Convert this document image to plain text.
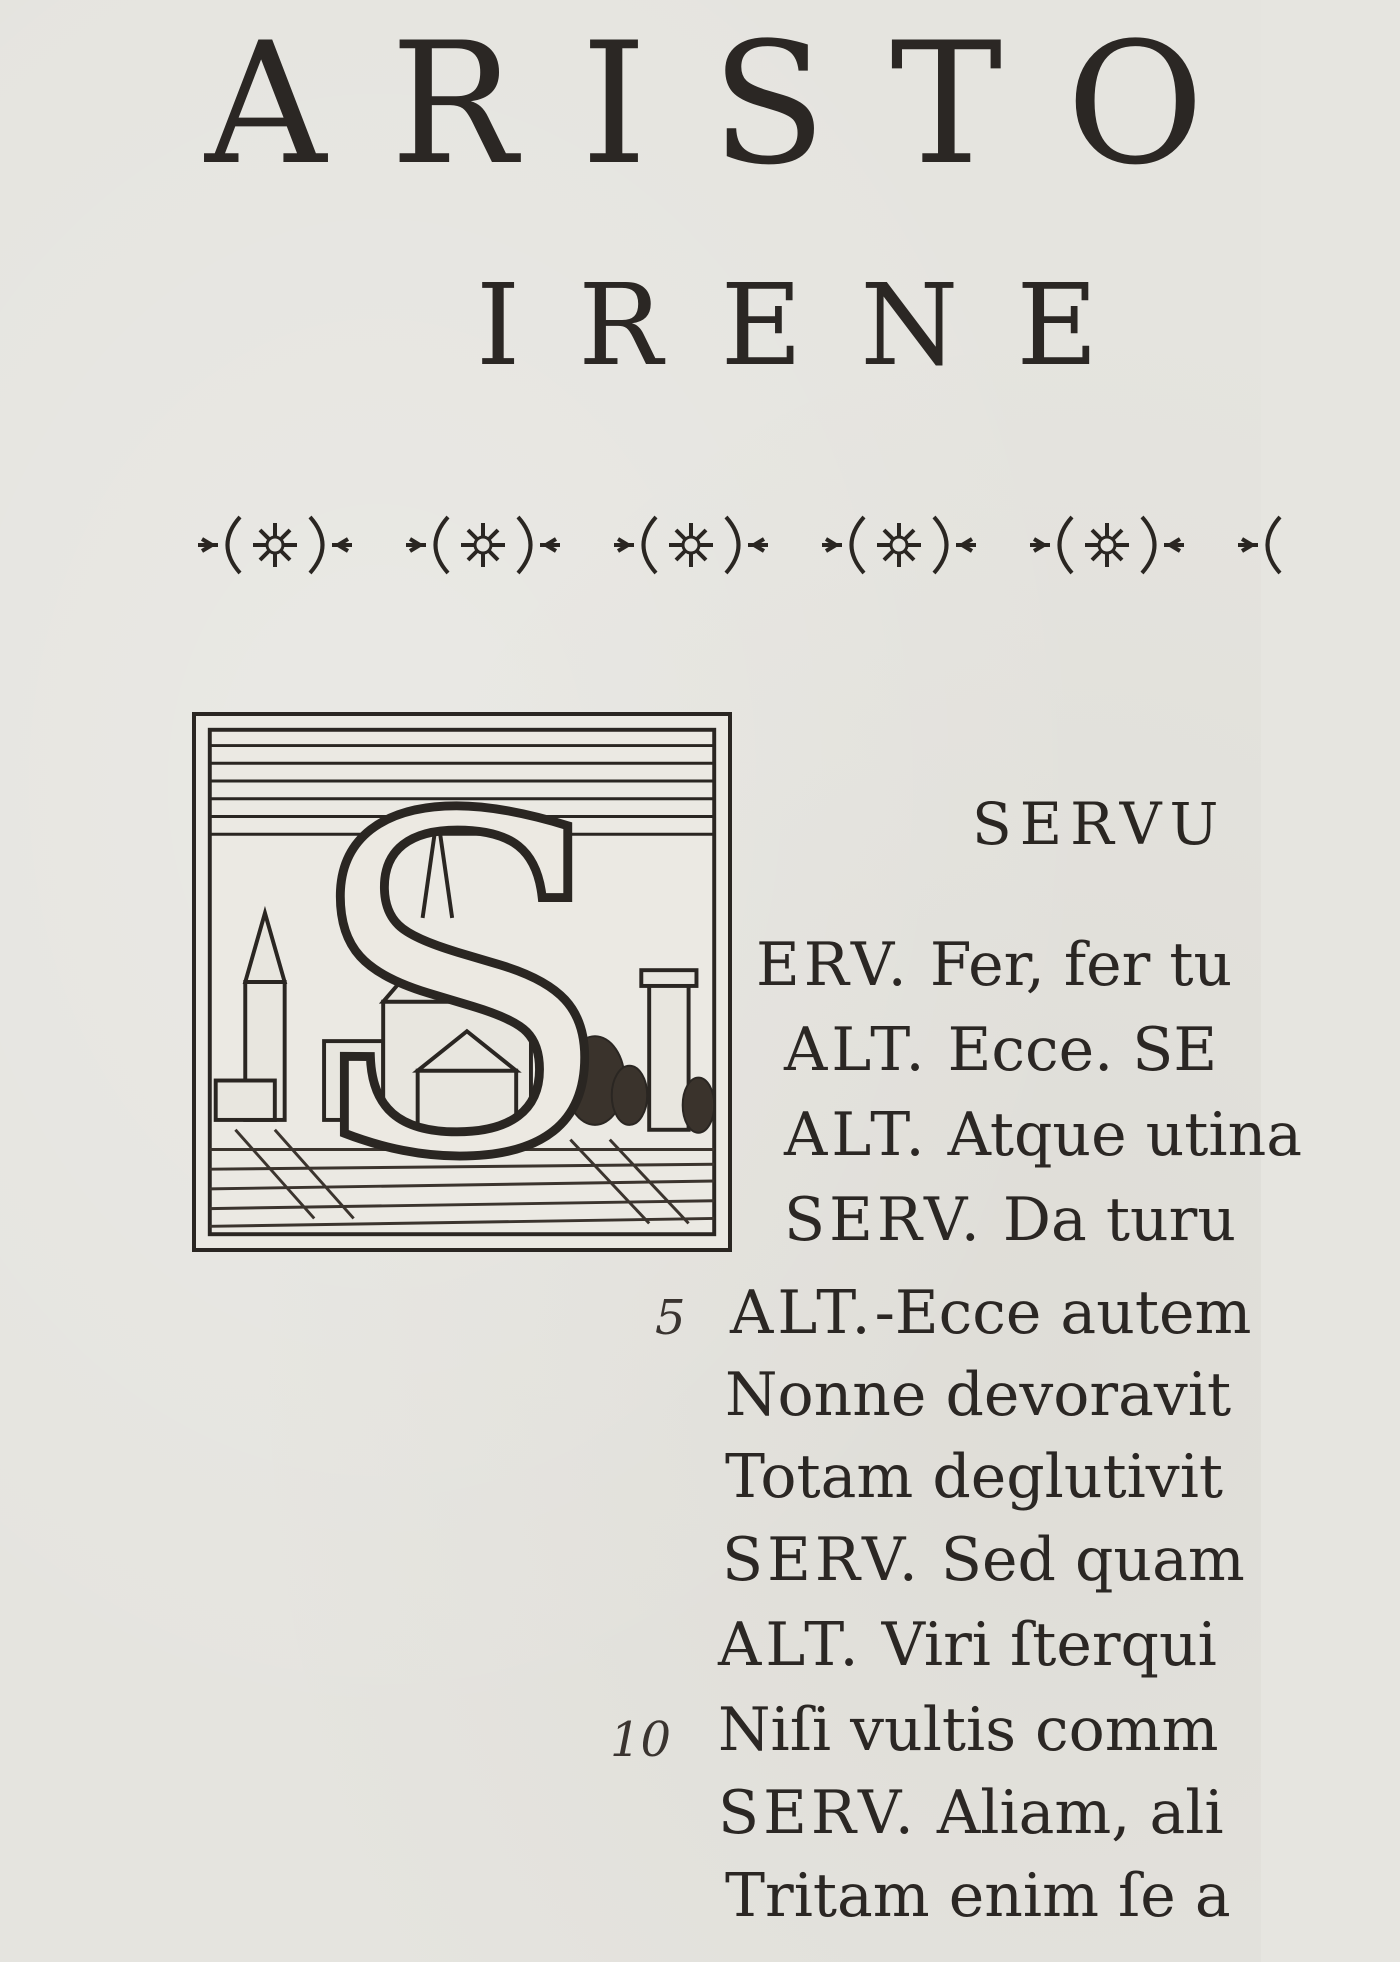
ARISTO
IRENE
S	SERVU
ERV. Fer, fer tu
ALT. Ecce. SE
ALT. Atque utina
SERV. Da turu
5 ALT.-Ecce autem
Nonne devoravit
Totam deglutivit
SERV. Sed quam
ALT. Viri ſterqui
10 Niſi vultis comm
SERV. Aliam, ali
Tritam enim ſe a
